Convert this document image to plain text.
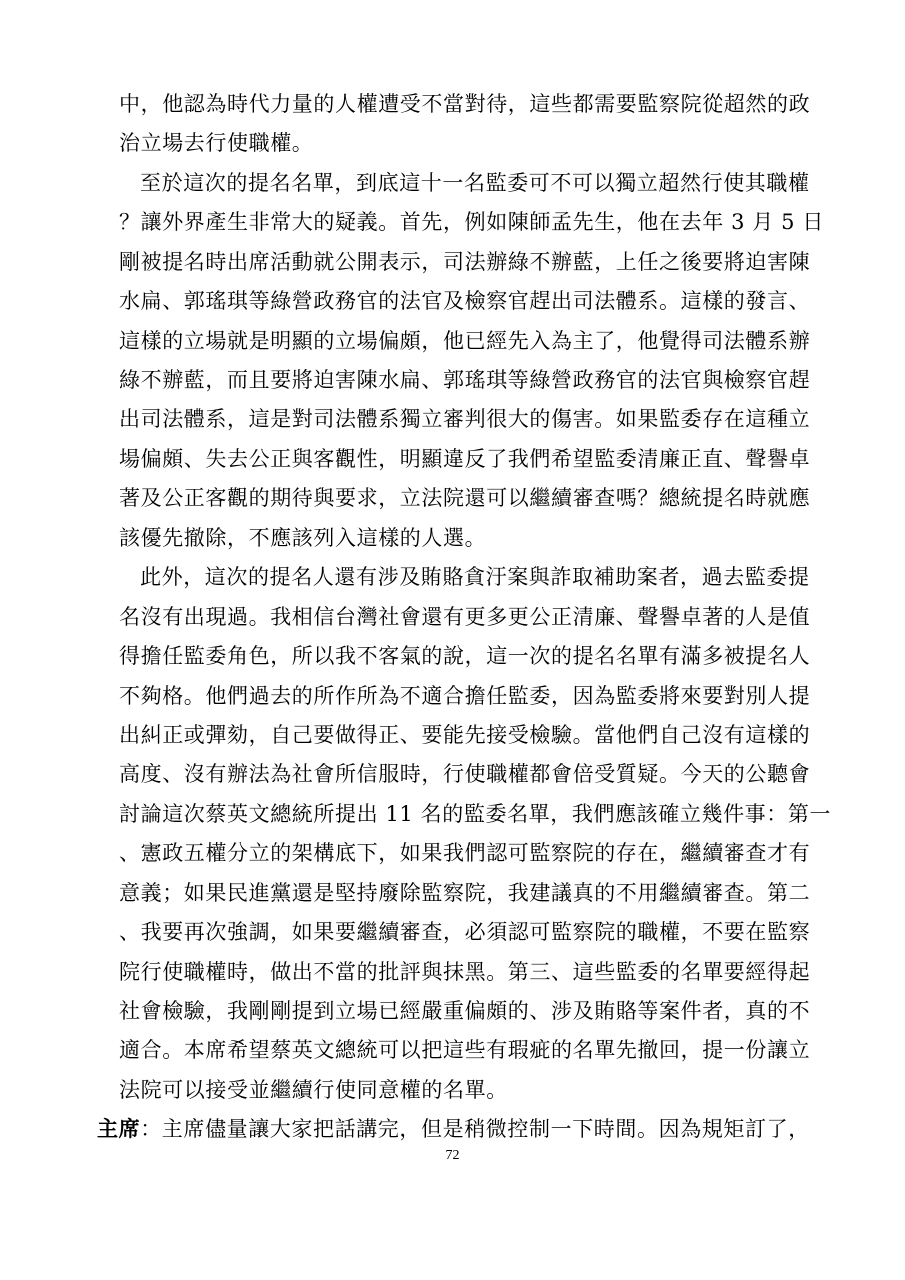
中，他認為時代力量的人權遭受不當對待，這些都需要監察院從超然的政
治立場去行使職權。
至於這次的提名名單，到底這十一名監委可不可以獨立超然行使其職權
？讓外界產生非常大的疑義。首先，例如陳師孟先生，他在去年 3 月 5 日
剛被提名時出席活動就公開表示，司法辦綠不辦藍，上任之後要將迫害陳
水扁、郭瑤琪等綠營政務官的法官及檢察官趕出司法體系。這樣的發言、
這樣的立場就是明顯的立場偏頗，他已經先入為主了，他覺得司法體系辦
綠不辦藍，而且要將迫害陳水扁、郭瑤琪等綠營政務官的法官與檢察官趕
出司法體系，這是對司法體系獨立審判很大的傷害。如果監委存在這種立
場偏頗、失去公正與客觀性，明顯違反了我們希望監委清廉正直、聲譽卓
著及公正客觀的期待與要求，立法院還可以繼續審查嗎？總統提名時就應
該優先撤除，不應該列入這樣的人選。
此外，這次的提名人還有涉及賄賂貪汙案與詐取補助案者，過去監委提
名沒有出現過。我相信台灣社會還有更多更公正清廉、聲譽卓著的人是值
得擔任監委角色，所以我不客氣的說，這一次的提名名單有滿多被提名人
不夠格。他們過去的所作所為不適合擔任監委，因為監委將來要對別人提
出糾正或彈劾，自己要做得正、要能先接受檢驗。當他們自己沒有這樣的
高度、沒有辦法為社會所信服時，行使職權都會倍受質疑。今天的公聽會
討論這次蔡英文總統所提出 11 名的監委名單，我們應該確立幾件事：第一
、憲政五權分立的架構底下，如果我們認可監察院的存在，繼續審查才有
意義；如果民進黨還是堅持廢除監察院，我建議真的不用繼續審查。第二
、我要再次強調，如果要繼續審查，必須認可監察院的職權，不要在監察
院行使職權時，做出不當的批評與抹黑。第三、這些監委的名單要經得起
社會檢驗，我剛剛提到立場已經嚴重偏頗的、涉及賄賂等案件者，真的不
適合。本席希望蔡英文總統可以把這些有瑕疵的名單先撤回，提一份讓立
法院可以接受並繼續行使同意權的名單。
主席：主席儘量讓大家把話講完，但是稍微控制一下時間。因為規矩訂了，
72
